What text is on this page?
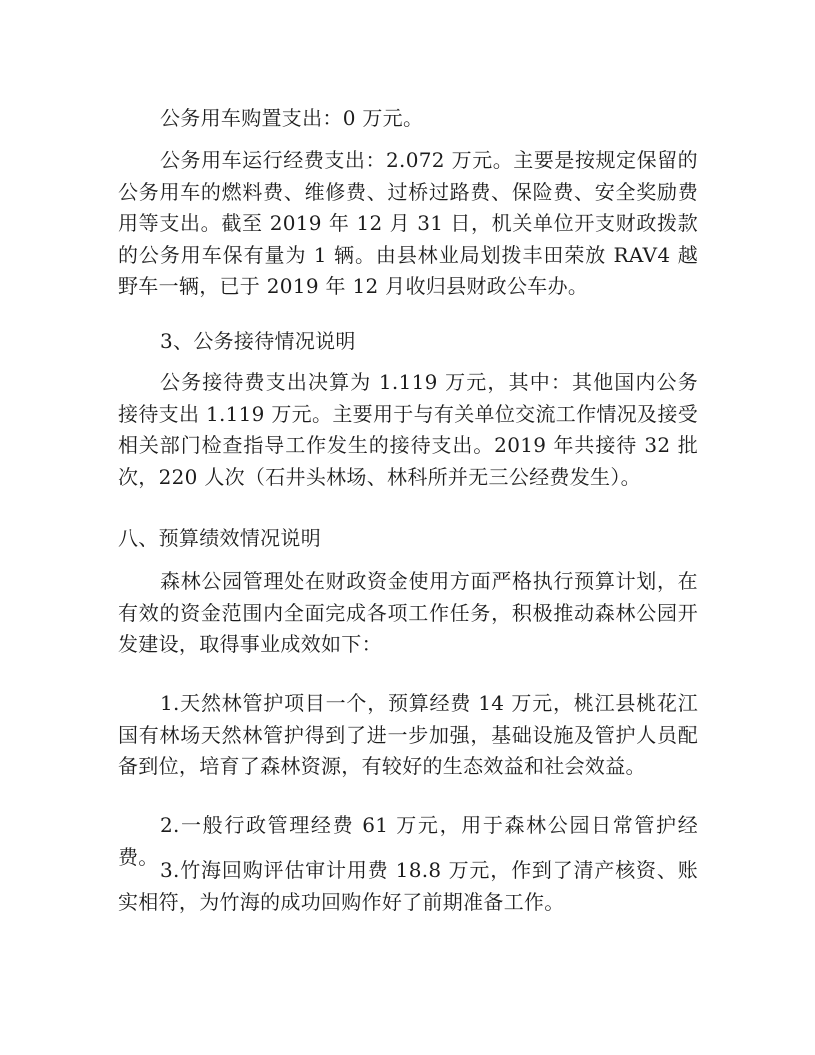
公务用车购置支出：0 万元。

公务用车运行经费支出：2.072 万元。主要是按规定保留的公务用车的燃料费、维修费、过桥过路费、保险费、安全奖励费用等支出。截至 2019 年 12 月 31 日，机关单位开支财政拨款的公务用车保有量为 1 辆。由县林业局划拨丰田荣放 RAV4 越野车一辆，已于 2019 年 12 月收归县财政公车办。

3、公务接待情况说明

公务接待费支出决算为 1.119 万元，其中：其他国内公务接待支出 1.119 万元。主要用于与有关单位交流工作情况及接受相关部门检查指导工作发生的接待支出。2019 年共接待 32 批次，220 人次（石井头林场、林科所并无三公经费发生）。

八、预算绩效情况说明

森林公园管理处在财政资金使用方面严格执行预算计划，在有效的资金范围内全面完成各项工作任务，积极推动森林公园开发建设，取得事业成效如下：

1.天然林管护项目一个，预算经费 14 万元，桃江县桃花江国有林场天然林管护得到了进一步加强，基础设施及管护人员配备到位，培育了森林资源，有较好的生态效益和社会效益。

2.一般行政管理经费 61 万元，用于森林公园日常管护经费。

3.竹海回购评估审计用费 18.8 万元，作到了清产核资、账实相符，为竹海的成功回购作好了前期准备工作。
